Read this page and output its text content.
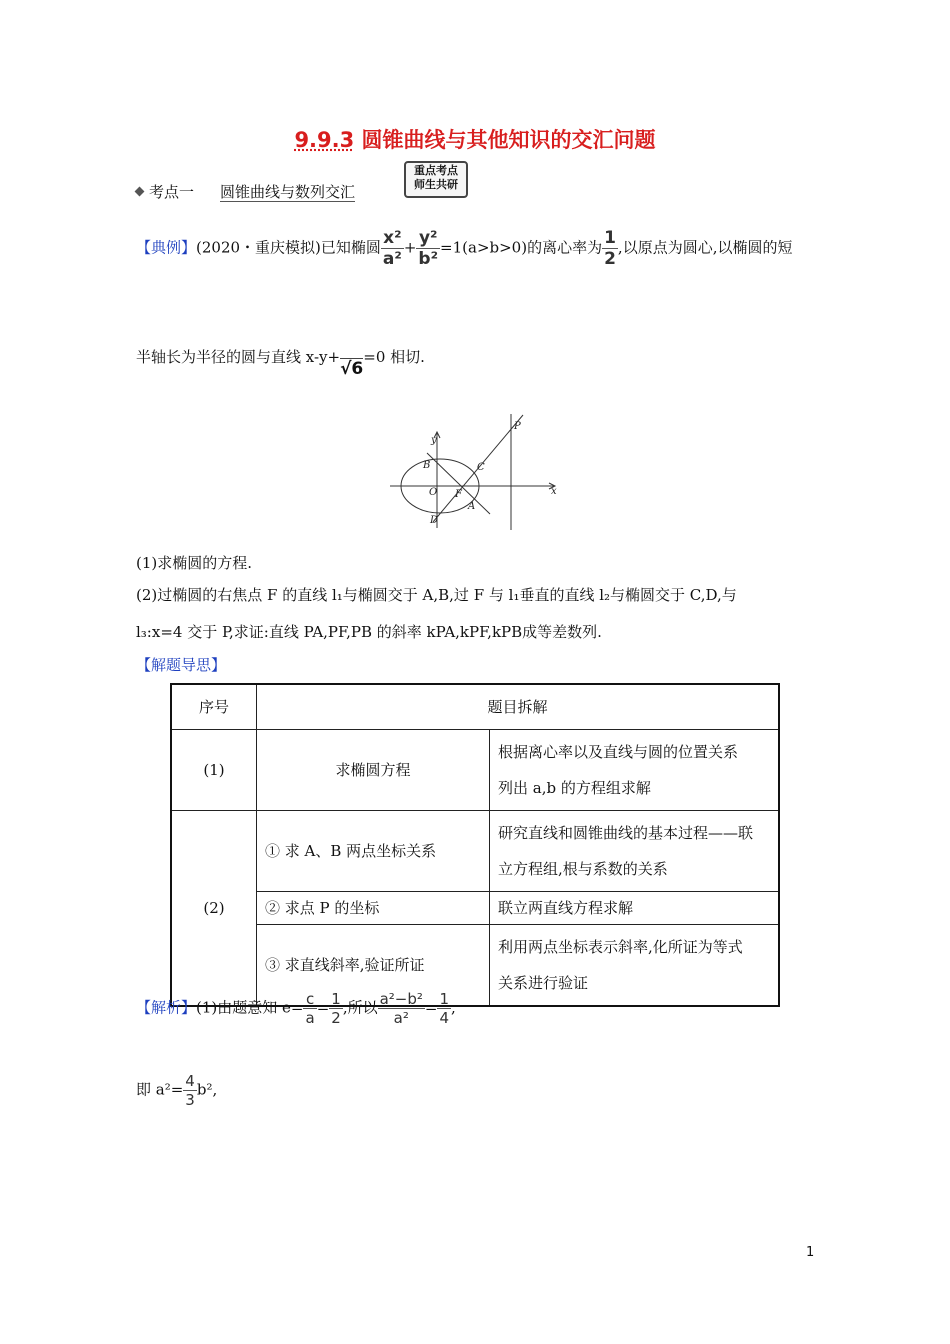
9.9.3 圆锥曲线与其他知识的交汇问题
考点一 圆锥曲线与数列交汇
重点考点
师生共研
【典例】(2020・重庆模拟)已知椭圆 $\frac{\text{x²}}{\text{a²}} + \frac{\text{y²}}{\text{b²}} =1(a>b>0)$的离心率为 $\frac{1}{2}$ ,以原点为圆心,以椭圆的短
半轴长为半径的圆与直线 x-y+√6=0 相切.
y
x
O F
A
B	C
D
P
(1)求椭圆的方程.
(2)过椭圆的右焦点 F 的直线 l₁与椭圆交于 A,B,过 F 与 l₁垂直的直线 l₂与椭圆交于 C,D,与
l₃:x=4 交于 P,求证:直线 PA,PF,PB 的斜率 kPA,kPF,kPB成等差数列.
【解题导思】
序号	题目拆解	
(1)	求椭圆方程	根据离心率以及直线与圆的位置关系
列出 a,b 的方程组求解

(2)	① 求 A、B 两点坐标关系	研究直线和圆锥曲线的基本过程——联
立方程组,根与系数的关系

	② 求点 P 的坐标	联立两直线方程求解
	③ 求直线斜率,验证所证	利用两点坐标表示斜率,化所证为等式
关系进行验证
【解析】(1)由题意知 $e= \frac{c}{a} = \frac{1}{2}$ ,所以 $\frac{\text{a²−b²}}{\text{a²}} = \frac{1}{4}$ ,
即 $a^2= \frac{4}{3} b^2$,
1
